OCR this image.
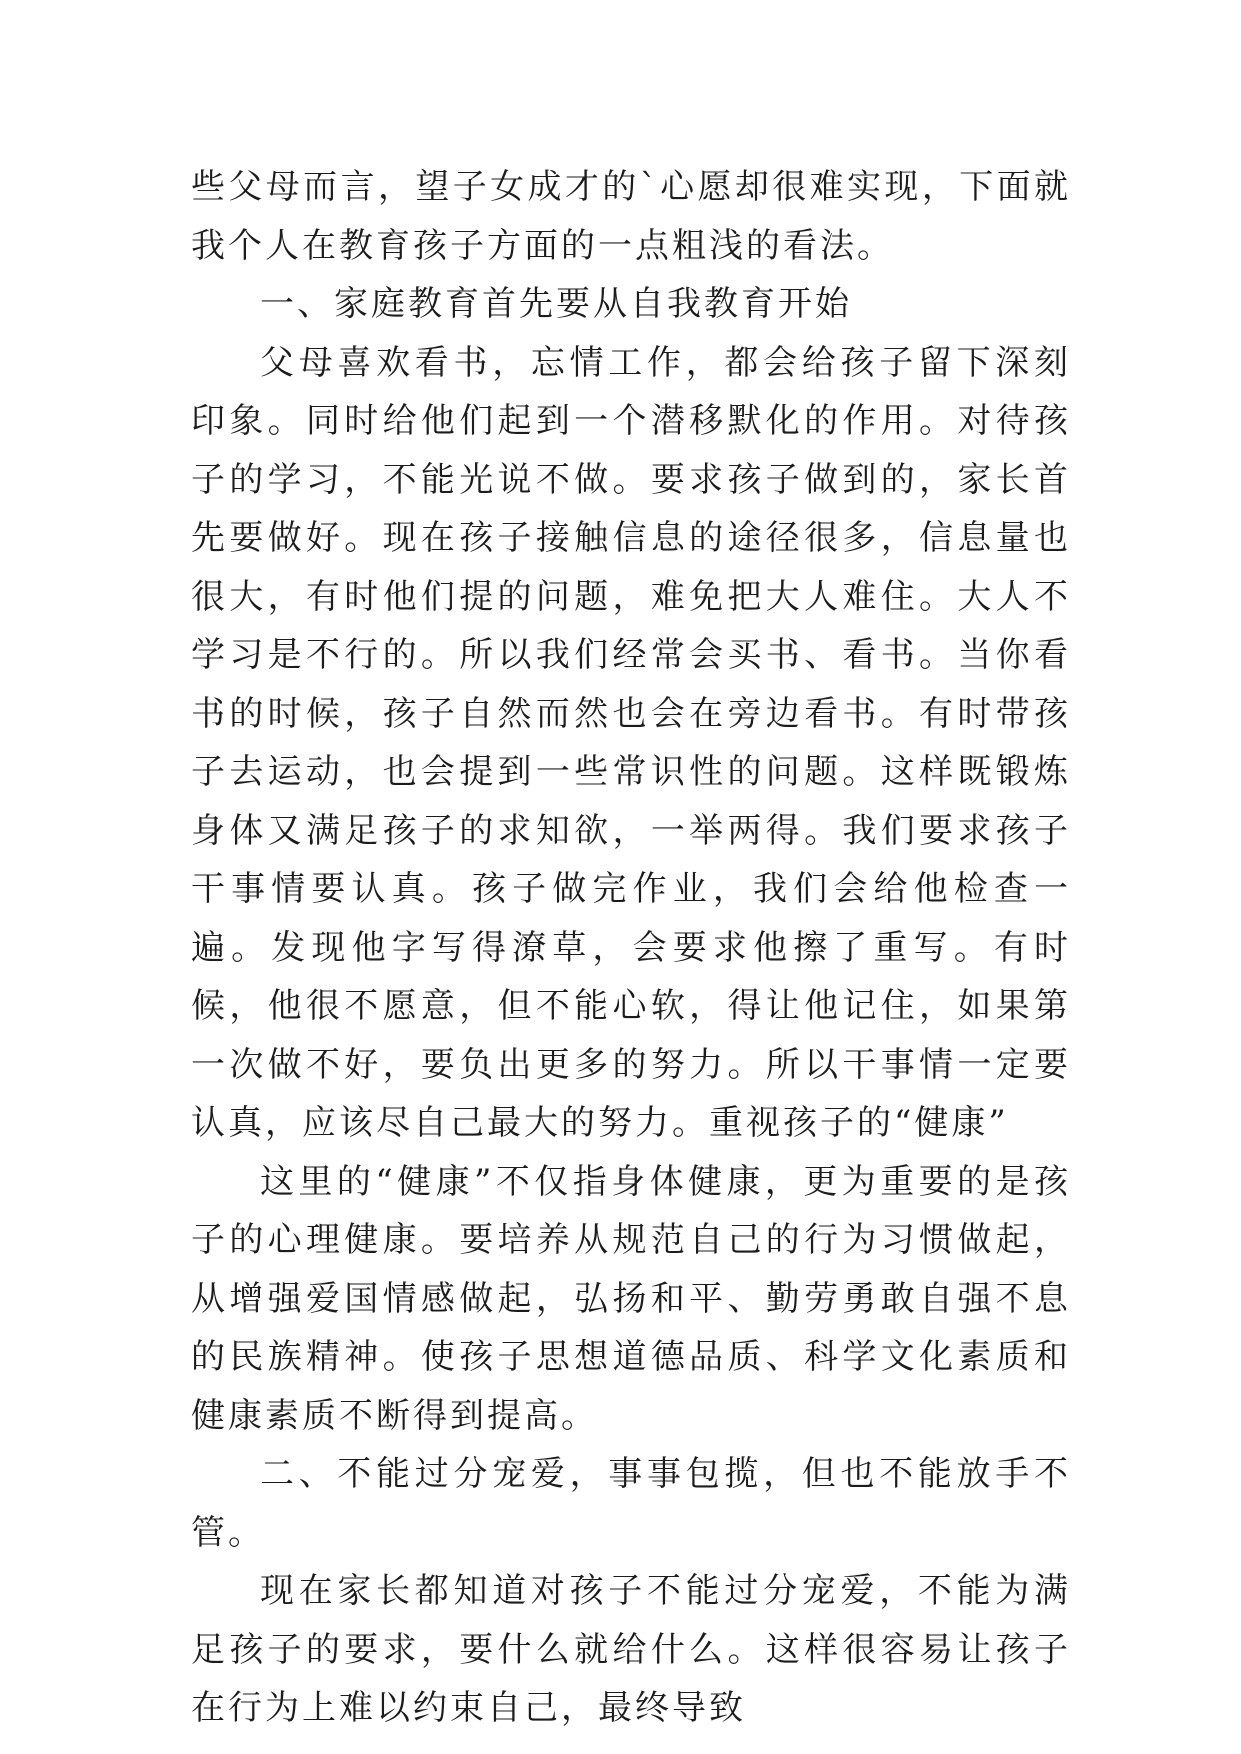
些父母而言，望子女成才的`心愿却很难实现，下面就我个人在教育孩子方面的一点粗浅的看法。

一、家庭教育首先要从自我教育开始

父母喜欢看书，忘情工作，都会给孩子留下深刻印象。同时给他们起到一个潜移默化的作用。对待孩子的学习，不能光说不做。要求孩子做到的，家长首先要做好。现在孩子接触信息的途径很多，信息量也很大，有时他们提的问题，难免把大人难住。大人不学习是不行的。所以我们经常会买书、看书。当你看书的时候，孩子自然而然也会在旁边看书。有时带孩子去运动，也会提到一些常识性的问题。这样既锻炼身体又满足孩子的求知欲，一举两得。我们要求孩子干事情要认真。孩子做完作业，我们会给他检查一遍。发现他字写得潦草，会要求他擦了重写。有时候，他很不愿意，但不能心软，得让他记住，如果第一次做不好，要负出更多的努力。所以干事情一定要认真，应该尽自己最大的努力。重视孩子的“健康”

这里的“健康”不仅指身体健康，更为重要的是孩子的心理健康。要培养从规范自己的行为习惯做起，从增强爱国情感做起，弘扬和平、勤劳勇敢自强不息的民族精神。使孩子思想道德品质、科学文化素质和健康素质不断得到提高。

二、不能过分宠爱，事事包揽，但也不能放手不管。

现在家长都知道对孩子不能过分宠爱，不能为满足孩子的要求，要什么就给什么。这样很容易让孩子在行为上难以约束自己，最终导致
